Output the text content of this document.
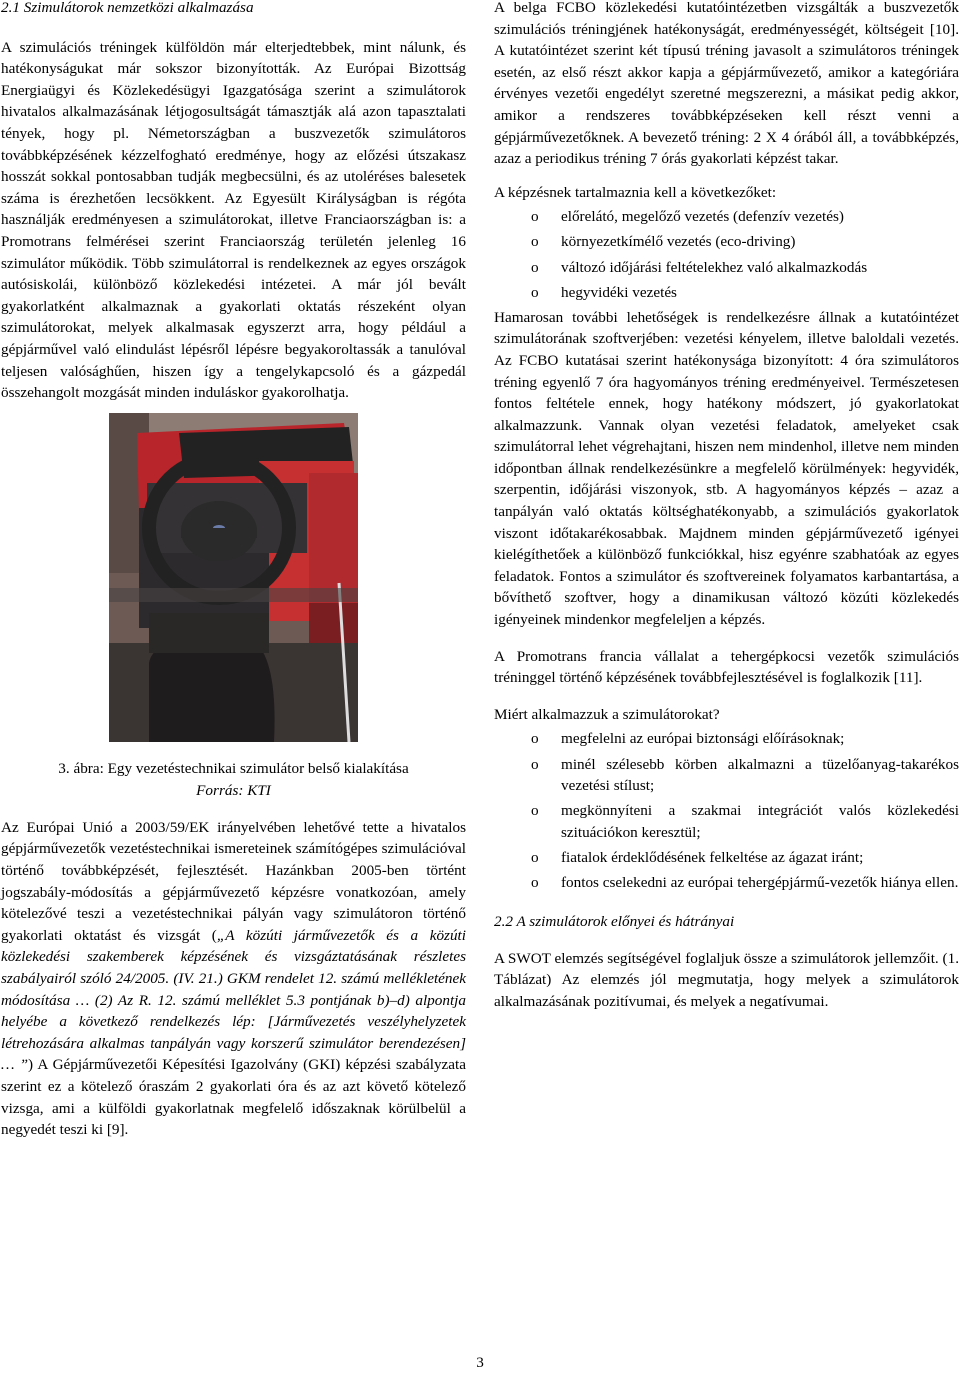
2.1 Szimulátorok nemzetközi alkalmazása

A szimulációs tréningek külföldön már elterjedtebbek, mint nálunk, és hatékonyságukat már sokszor bizonyították. Az Európai Bizottság Energiaügyi és Közlekedésügyi Igazgatósága szerint a szimulátorok hivatalos alkalmazásának létjogosultságát támasztják alá azon tapasztalati tények, hogy pl. Németországban a buszvezetők szimulátoros továbbképzésének kézzelfogható eredménye, hogy az előzési útszakasz hosszát sokkal pontosabban tudják megbecsülni, és az utoléréses balesetek száma is érezhetően lecsökkent. Az Egyesült Királyságban is régóta használják eredményesen a szimulátorokat, illetve Franciaországban is: a Promotrans felmérései szerint Franciaország területén jelenleg 16 szimulátor működik. Több szimulátorral is rendelkeznek az egyes országok autósiskolái, különböző közlekedési intézetei. A már jól bevált gyakorlatként alkalmaznak a gyakorlati oktatás részeként olyan szimulátorokat, melyek alkalmasak egyszerzt arra, hogy például a gépjárművel való elindulást lépésről lépésre begyakoroltassák a tanulóval teljesen valósághűen, hiszen így a tengelykapcsoló és a gázpedál összehangolt mozgását minden induláskor gyakorolhatja.

3. ábra: Egy vezetéstechnikai szimulátor belső kialakítása

Forrás: KTI

Az Európai Unió a 2003/59/EK irányelvében lehetővé tette a hivatalos gépjárművezetők vezetéstechnikai ismereteinek számítógépes szimulációval történő továbbképzését, fejlesztését. Hazánkban 2005-ben történt jogszabály-módosítás a gépjárművezető képzésre vonatkozóan, amely kötelezővé teszi a vezetéstechnikai pályán vagy szimulátoron történő gyakorlati oktatást és vizsgát („A közúti járművezetők és a közúti közlekedési szakemberek képzésének és vizsgáztatásának részletes szabályairól szóló 24/2005. (IV. 21.) GKM rendelet 12. számú mellékletének módosítása … (2) Az R. 12. számú melléklet 5.3 pontjának b)–d) alpontja helyébe a következő rendelkezés lép: [Járművezetés veszélyhelyzetek létrehozására alkalmas tanpályán vagy korszerű szimulátor berendezésen] … ”) A Gépjárművezetői Képesítési Igazolvány (GKI) képzési szabályzata szerint ez a kötelező óraszám 2 gyakorlati óra és az azt követő kötelező vizsga, ami a külföldi gyakorlatnak megfelelő időszaknak körülbelül a negyedét teszi ki [9].

A belga FCBO közlekedési kutatóintézetben vizsgálták a buszvezetők szimulációs tréningjének hatékonyságát, eredményességét, költségeit [10]. A kutatóintézet szerint két típusú tréning javasolt a szimulátoros tréningek esetén, az első részt akkor kapja a gépjárművezető, amikor a kategóriára érvényes vezetői engedélyt szeretné megszerezni, a másikat pedig akkor, amikor a rendszeres továbbképzéseken kell részt venni a gépjárművezetőknek. A bevezető tréning: 2 X 4 órából áll, a továbbképzés, azaz a periodikus tréning 7 órás gyakorlati képzést takar.

A képzésnek tartalmaznia kell a következőket:

o előrelátó, megelőző vezetés (defenzív vezetés)
o környezetkímélő vezetés (eco-driving)
o változó időjárási feltételekhez való alkalmazkodás
o hegyvidéki vezetés

Hamarosan további lehetőségek is rendelkezésre állnak a kutatóintézet szimulátorának szoftverjében: vezetési kényelem, illetve baloldali vezetés. Az FCBO kutatásai szerint hatékonysága bizonyított: 4 óra szimulátoros tréning egyenlő 7 óra hagyományos tréning eredményeivel. Természetesen fontos feltétele ennek, hogy hatékony módszert, jó gyakorlatokat alkalmazzunk. Vannak olyan vezetési feladatok, amelyeket csak szimulátorral lehet végrehajtani, hiszen nem mindenhol, illetve nem minden időpontban állnak rendelkezésünkre a megfelelő körülmények: hegyvidék, szerpentin, időjárási viszonyok, stb. A hagyományos képzés – azaz a tanpályán való oktatás költséghatékonyabb, a szimulációs gyakorlatok viszont időtakarékosabbak. Majdnem minden gépjárművezető igényei kielégíthetőek a különböző funkciókkal, hisz egyénre szabhatóak az egyes feladatok. Fontos a szimulátor és szoftvereinek folyamatos karbantartása, a bővíthető szoftver, hogy a dinamikusan változó közúti közlekedés igényeinek mindenkor megfeleljen a képzés.

A Promotrans francia vállalat a tehergépkocsi vezetők szimulációs tréninggel történő képzésének továbbfejlesztésével is foglalkozik [11].

Miért alkalmazzuk a szimulátorokat?

o megfelelni az európai biztonsági előírásoknak;
o minél szélesebb körben alkalmazni a tüzelőanyag-takarékos vezetési stílust;
o megkönnyíteni a szakmai integrációt valós közlekedési szituációkon keresztül;
o fiatalok érdeklődésének felkeltése az ágazat iránt;
o fontos cselekedni az európai tehergépjármű-vezetők hiánya ellen.

2.2 A szimulátorok előnyei és hátrányai

A SWOT elemzés segítségével foglaljuk össze a szimulátorok jellemzőit. (1. Táblázat) Az elemzés jól megmutatja, hogy melyek a szimulátorok alkalmazásának pozitívumai, és melyek a negatívumai.

3
